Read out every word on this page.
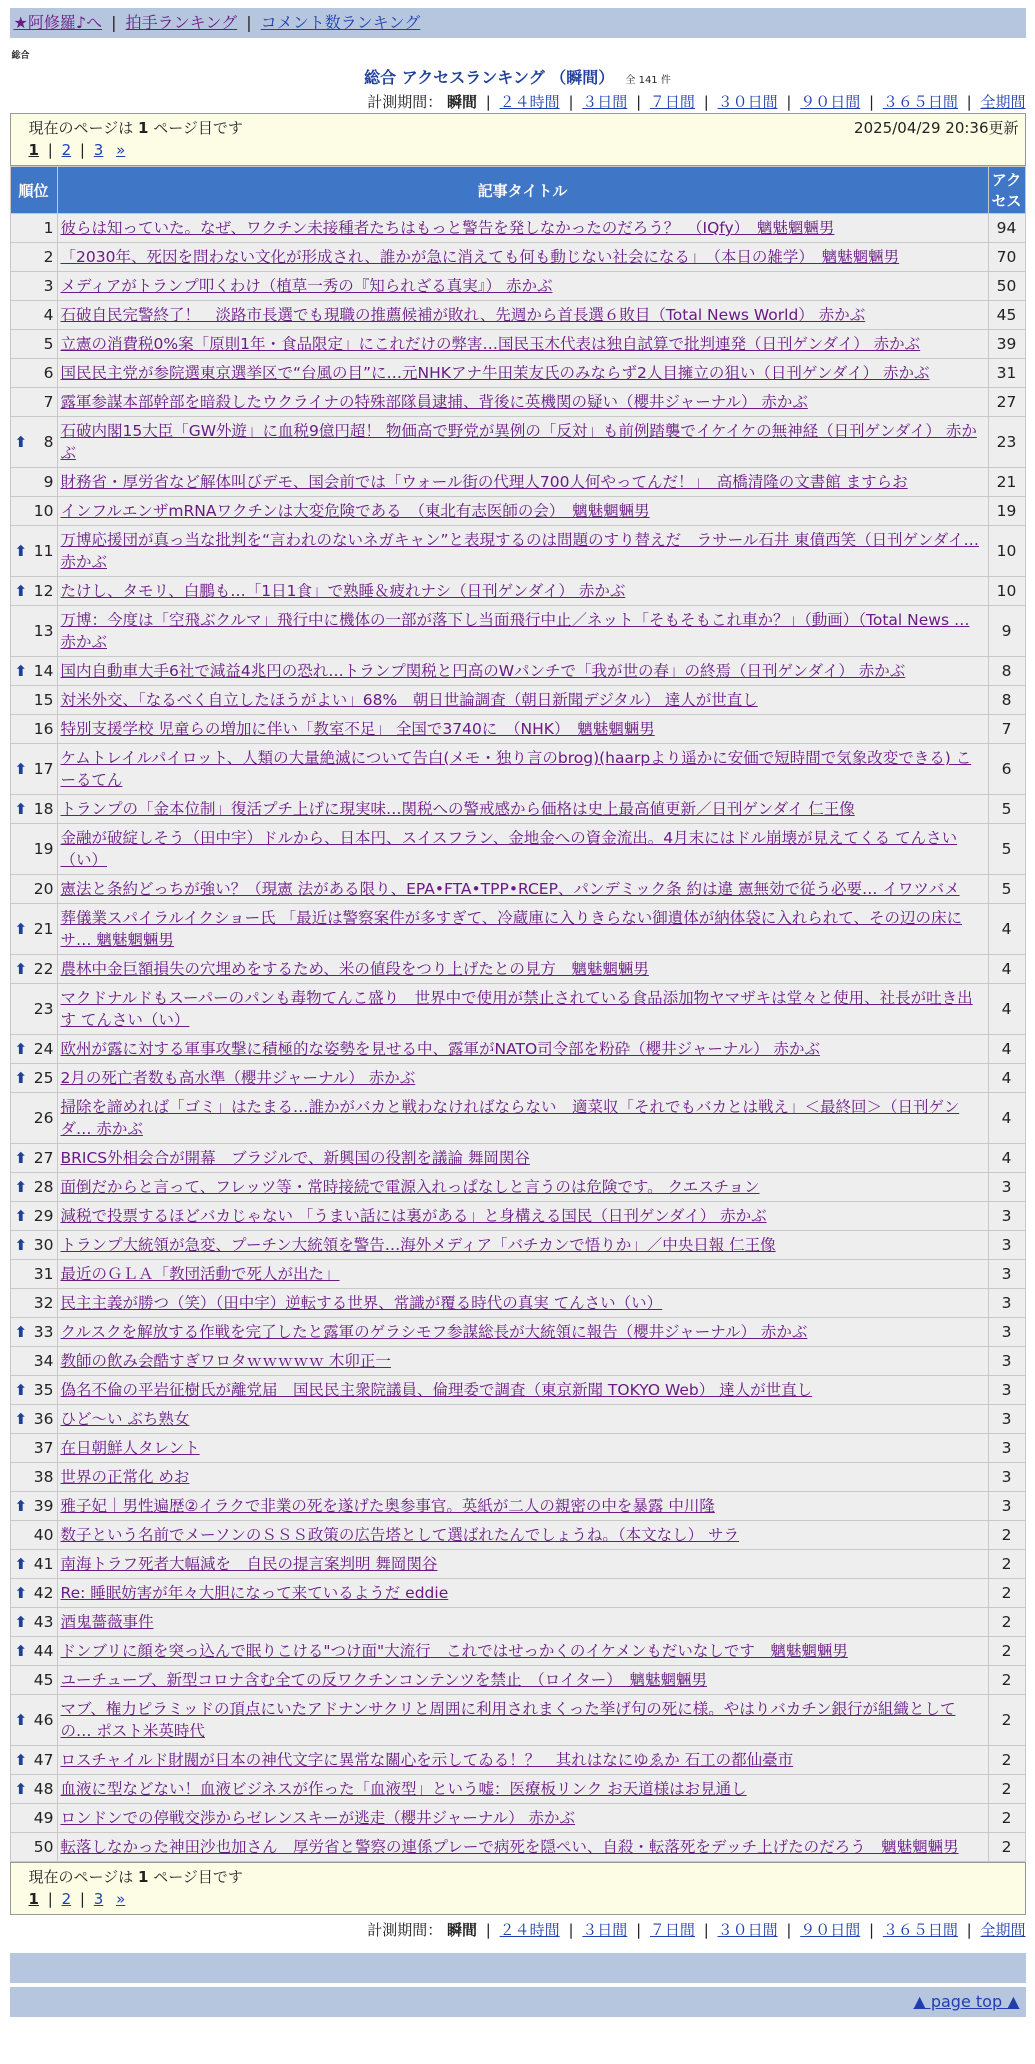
★阿修羅♪へ | 拍手ランキング | コメント数ランキング
総合
総合 アクセスランキング （瞬間） 全 141 件
計測期間： 瞬間 | ２４時間 | ３日間 | ７日間 | ３０日間 | ９０日間 | ３６５日間 | 全期間
現在のページは 1 ページ目です	2025/04/29 20:36更新
1 | 2 | 3 »
順位	記事タイトル	アクセス
1	彼らは知っていた。なぜ、ワクチン未接種者たちはもっと警告を発しなかったのだろう？　（IQfy）　魑魅魍魎男	94
2	「2030年、死因を問わない文化が形成され、誰かが急に消えても何も動じない社会になる」　（本日の雑学）　魑魅魍魎男	70
3	メディアがトランプ叩くわけ（植草一秀の『知られざる真実』） 赤かぶ	50
4	石破自民完警終了！　淡路市長選でも現職の推薦候補が敗れ、先週から首長選６敗目（Total News World） 赤かぶ	45
5	立憲の消費税0%案「原則1年・食品限定」にこれだけの弊害…国民玉木代表は独自試算で批判連発（日刊ゲンダイ） 赤かぶ	39
6	国民民主党が参院選東京選挙区で“台風の目”に…元NHKアナ牛田茉友氏のみならず2人目擁立の狙い（日刊ゲンダイ） 赤かぶ	31
7	露軍参謀本部幹部を暗殺したウクライナの特殊部隊員逮捕、背後に英機関の疑い（櫻井ジャーナル） 赤かぶ	27

⬆ 8	石破内閣15大臣「GW外遊」に血税9億円超！ 物価高で野党が異例の「反対」も前例踏襲でイケイケの無神経（日刊ゲンダイ） 赤かぶ	23
9	財務省・厚労省など解体叫びデモ、国会前では「ウォール街の代理人700人何やってんだ！」　高橋清隆の文書館 ますらお	21
10	インフルエンザmRNAワクチンは大変危険である　（東北有志医師の会）　魑魅魍魎男	19

⬆ 11	万博応援団が真っ当な批判を“言われのないネガキャン”と表現するのは問題のすり替えだ　ラサール石井 東僨西笑（日刊ゲンダイ… 赤かぶ	10

⬆ 12	たけし、タモリ、白鵬も…「1日1食」で熟睡＆疲れナシ（日刊ゲンダイ） 赤かぶ	10
13	万博：今度は「空飛ぶクルマ」飛行中に機体の一部が落下し当面飛行中止／ネット「そもそもこれ車か？」（動画）（Total News … 赤かぶ	9

⬆ 14	国内自動車大手6社で減益4兆円の恐れ…トランプ関税と円高のWパンチで「我が世の春」の終焉（日刊ゲンダイ） 赤かぶ	8
15	対米外交、「なるべく自立したほうがよい」68%　朝日世論調査（朝日新聞デジタル） 達人が世直し	8
16	特別支援学校 児童らの増加に伴い「教室不足」 全国で3740に　（NHK）　魑魅魍魎男	7

⬆ 17	ケムトレイルパイロット、人類の大量絶滅について告白(メモ・独り言のbrog)(haarpより遥かに安価で短時間で気象改変できる) こーるてん	6

⬆ 18	トランプの「金本位制」復活プチ上げに現実味…関税への警戒感から価格は史上最高値更新／日刊ゲンダイ 仁王像	5
19	金融が破綻しそう（田中宇）ドルから、日本円、スイスフラン、金地金への資金流出。4月末にはドル崩壊が見えてくる てんさい（い）	5
20	憲法と条約どっちが強い？（現憲 法がある限り、EPA•FTA•TPP•RCEP、パンデミック条 約は違 憲無効で従う必要… イワツバメ	5

⬆ 21	葬儀業スパイラルイクショー氏 「最近は警察案件が多すぎて、冷蔵庫に入りきらない御遺体が納体袋に入れられて、その辺の床にサ… 魑魅魍魎男	4

⬆ 22	農林中金巨額損失の穴埋めをするため、米の値段をつり上げたとの見方　魑魅魍魎男	4
23	マクドナルドもスーパーのパンも毒物てんこ盛り　世界中で使用が禁止されている食品添加物ヤマザキは堂々と使用、社長が吐き出す てんさい（い）	4

⬆ 24	欧州が露に対する軍事攻撃に積極的な姿勢を見せる中、露軍がNATO司令部を粉砕（櫻井ジャーナル） 赤かぶ	4

⬆ 25	2月の死亡者数も高水準（櫻井ジャーナル） 赤かぶ	4
26	掃除を諦めれば「ゴミ」はたまる…誰かがバカと戦わなければならない　適菜収「それでもバカとは戦え」＜最終回＞（日刊ゲンダ… 赤かぶ	4

⬆ 27	BRICS外相会合が開幕　ブラジルで、新興国の役割を議論 舞岡関谷	4

⬆ 28	面倒だからと言って、フレッツ等・常時接続で電源入れっぱなしと言うのは危険です。 クエスチョン	3

⬆ 29	減税で投票するほどバカじゃない 「うまい話には裏がある」と身構える国民（日刊ゲンダイ） 赤かぶ	3

⬆ 30	トランプ大統領が急変、プーチン大統領を警告…海外メディア「バチカンで悟りか」／中央日報 仁王像	3
31	最近のＧＬＡ「教団活動で死人が出た」	3
32	民主主義が勝つ（笑）（田中宇）逆転する世界、常識が覆る時代の真実 てんさい（い）	3

⬆ 33	クルスクを解放する作戦を完了したと露軍のゲラシモフ参謀総長が大統領に報告（櫻井ジャーナル） 赤かぶ	3
34	教師の飲み会酷すぎワロタｗｗｗｗｗ 木卯正一	3

⬆ 35	偽名不倫の平岩征樹氏が離党届　国民民主衆院議員、倫理委で調査（東京新聞 TOKYO Web） 達人が世直し	3

⬆ 36	ひど～い ぶち熟女	3
37	在日朝鮮人タレント	3
38	世界の正常化 めお	3

⬆ 39	雅子妃｜男性遍歴②イラクで非業の死を遂げた奥参事官。英紙が二人の親密の中を暴露 中川隆	3
40	数子という名前でメーソンのＳＳＳ政策の広告塔として選ばれたんでしょうね。（本文なし） サラ	2

⬆ 41	南海トラフ死者大幅減を　自民の提言案判明 舞岡関谷	2

⬆ 42	Re: 睡眠妨害が年々大胆になって来ているようだ eddie	2

⬆ 43	酒鬼薔薇事件	2

⬆ 44	ドンブリに顔を突っ込んで眠りこける"つけ面"大流行　これではせっかくのイケメンもだいなしです　魑魅魍魎男	2
45	ユーチューブ、新型コロナ含む全ての反ワクチンコンテンツを禁止　（ロイター）　魑魅魍魎男	2

⬆ 46	マブ、権力ピラミッドの頂点にいたアドナンサクリと周囲に利用されまくった挙げ句の死に様。やはりバカチン銀行が組織としての… ポスト米英時代	2

⬆ 47	ロスチャイルド財閥が日本の神代文字に異常な關心を示してゐる！？　其れはなにゆゑか 石工の都仙臺市	2

⬆ 48	血液に型などない！血液ビジネスが作った「血液型」という嘘：医療板リンク お天道様はお見通し	2
49	ロンドンでの停戦交渉からゼレンスキーが逃走（櫻井ジャーナル） 赤かぶ	2
50	転落しなかった神田沙也加さん　厚労省と警察の連係プレーで病死を隠ぺい、自殺・転落死をデッチ上げたのだろう　魑魅魍魎男	2
現在のページは 1 ページ目です
1 | 2 | 3 »
計測期間： 瞬間 | ２４時間 | ３日間 | ７日間 | ３０日間 | ９０日間 | ３６５日間 | 全期間
▲ page top ▲
